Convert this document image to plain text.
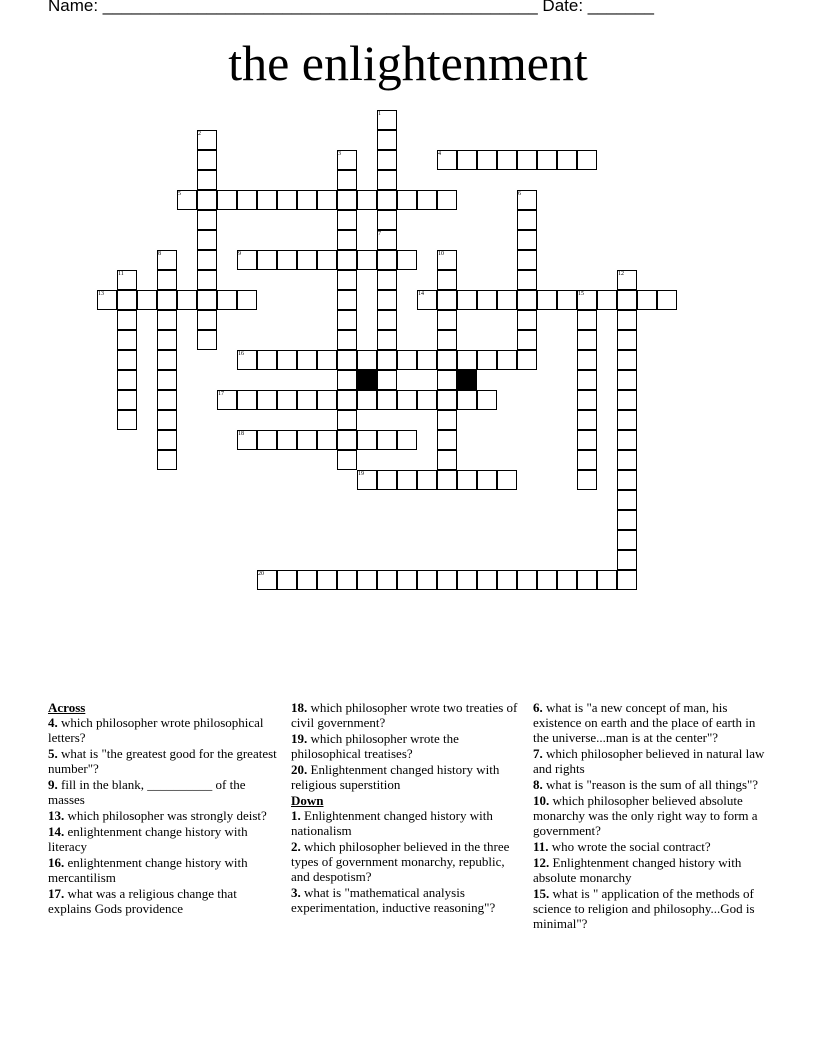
Name: ______________________________________________ Date: _______
the enlightenment
1
7
2
3	4
5	6
8	9	10
11	12
13	14	15
16
17
18
19
20
Across
4. which philosopher wrote philosophical letters?
5. what is "the greatest good for the greatest number"?
9. fill in the blank, __________ of the masses
13. which philosopher was strongly deist?
14. enlightenment change history with literacy
16. enlightenment change history with mercantilism
17. what was a religious change that explains Gods providence
18. which philosopher wrote two treaties of civil government?
19. which philosopher wrote the philosophical treatises?
20. Enlightenment changed history with religious superstition
Down
1. Enlightenment changed history with nationalism
2. which philosopher believed in the three types of government monarchy, republic, and despotism?
3. what is "mathematical analysis experimentation, inductive reasoning"?
6. what is "a new concept of man, his existence on earth and the place of earth in the universe...man is at the center"?
7. which philosopher believed in natural law and rights
8. what is "reason is the sum of all things"?
10. which philosopher believed absolute monarchy was the only right way to form a government?
11. who wrote the social contract?
12. Enlightenment changed history with absolute monarchy
15. what is " application of the methods of science to religion and philosophy...God is minimal"?
